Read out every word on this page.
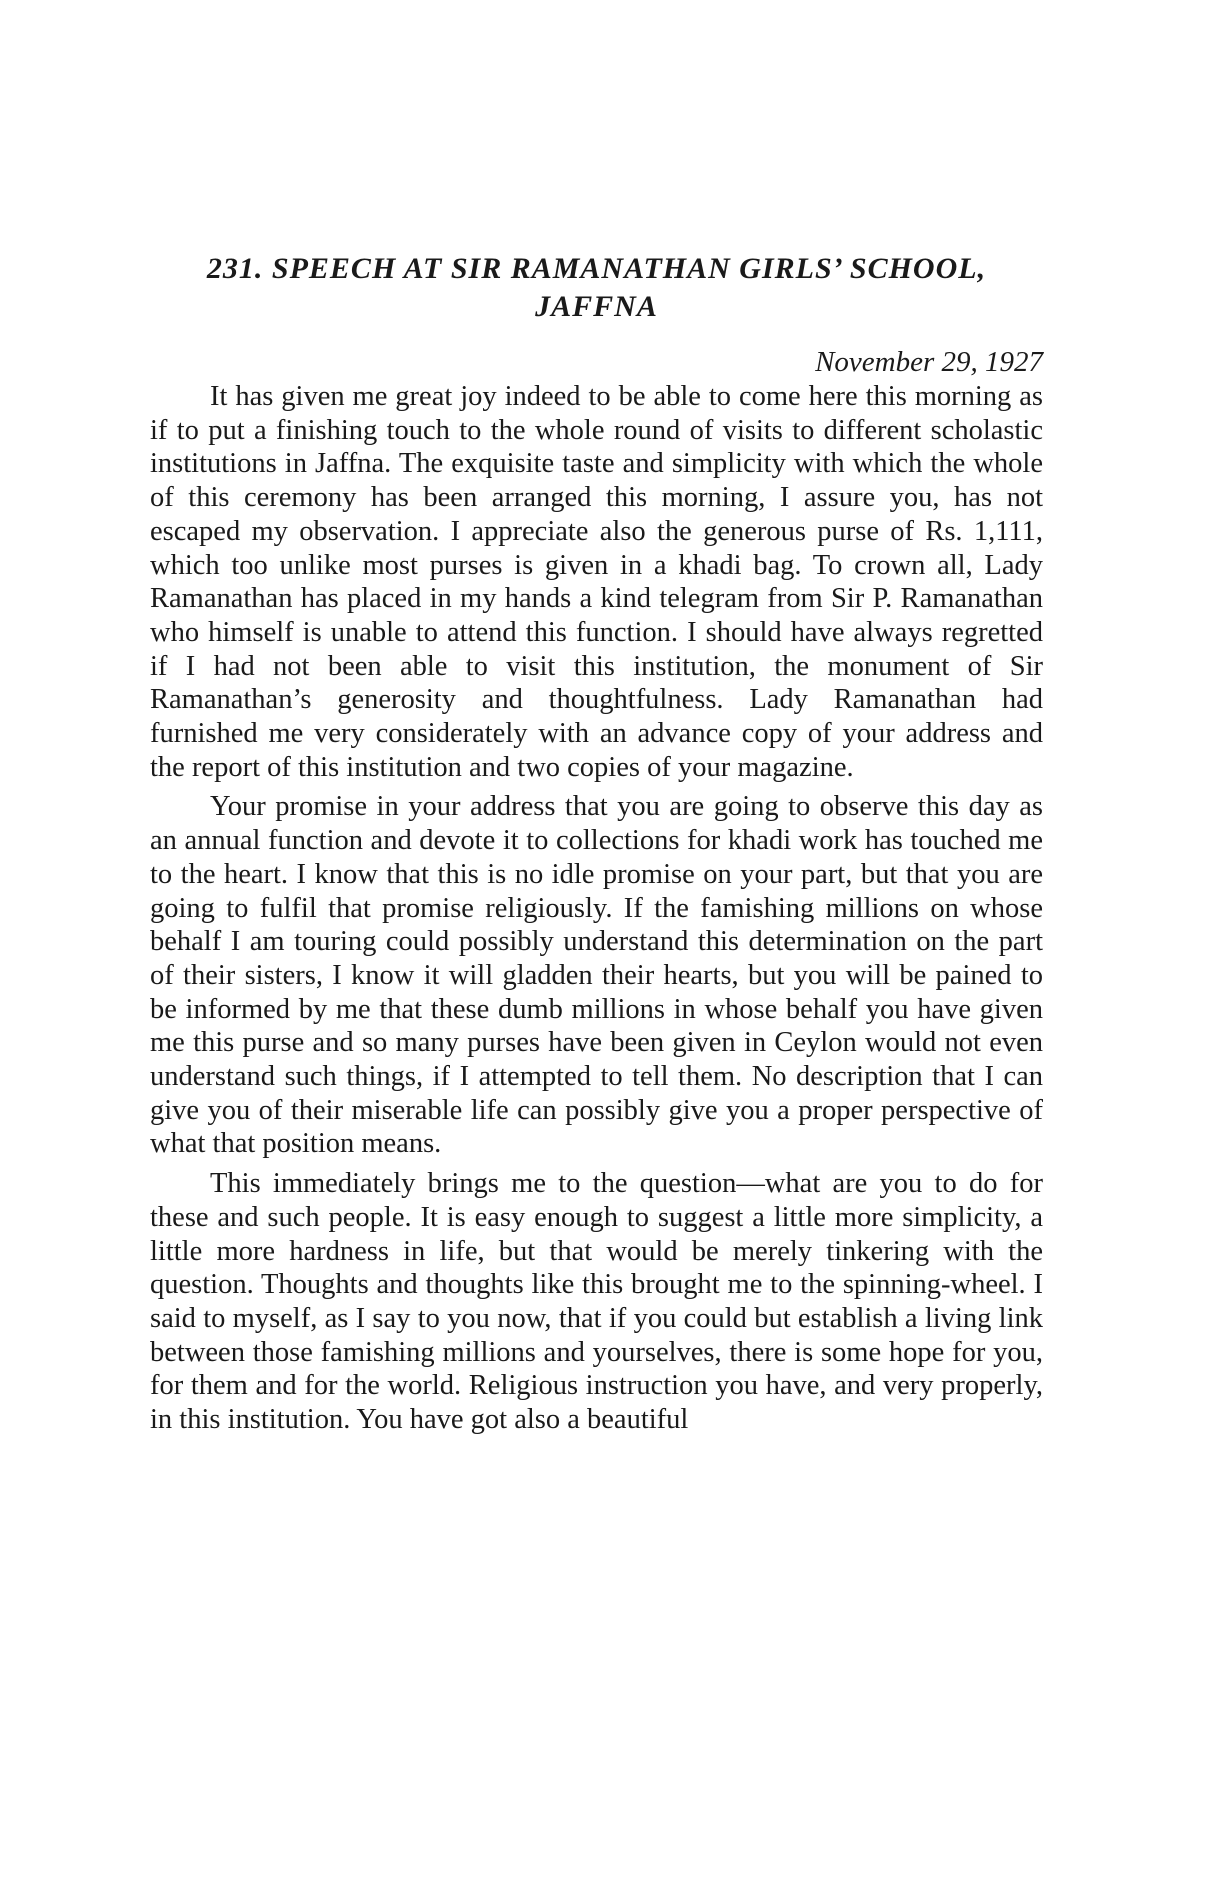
CWMG-XXXV
231. SPEECH AT SIR RAMANATHAN GIRLS’ SCHOOL,
JAFFNA

November 29, 1927

It has given me great joy indeed to be able to come here this morning as if to put a finishing touch to the whole round of visits to different scholastic institutions in Jaffna. The exquisite taste and simplicity with which the whole of this ceremony has been arranged this morning, I assure you, has not escaped my observation. I appreciate also the generous purse of Rs. 1,111, which too unlike most purses is given in a khadi bag. To crown all, Lady Ramanathan has placed in my hands a kind telegram from Sir P. Ramanathan who himself is unable to attend this function. I should have always regretted if I had not been able to visit this institution, the monument of Sir Ramanathan’s generosity and thoughtfulness. Lady Ramanathan had furnished me very considerately with an advance copy of your address and the report of this institution and two copies of your magazine.

Your promise in your address that you are going to observe this day as an annual function and devote it to collections for khadi work has touched me to the heart. I know that this is no idle promise on your part, but that you are going to fulfil that promise religiously. If the famishing millions on whose behalf I am touring could possibly understand this determination on the part of their sisters, I know it will gladden their hearts, but you will be pained to be informed by me that these dumb millions in whose behalf you have given me this purse and so many purses have been given in Ceylon would not even understand such things, if I attempted to tell them. No description that I can give you of their miserable life can possibly give you a proper perspective of what that position means.

This immediately brings me to the question—what are you to do for these and such people. It is easy enough to suggest a little more simplicity, a little more hardness in life, but that would be merely tinkering with the question. Thoughts and thoughts like this brought me to the spinning-wheel. I said to myself, as I say to you now, that if you could but establish a living link between those famishing millions and yourselves, there is some hope for you, for them and for the world. Religious instruction you have, and very properly, in this institution. You have got also a beautiful
